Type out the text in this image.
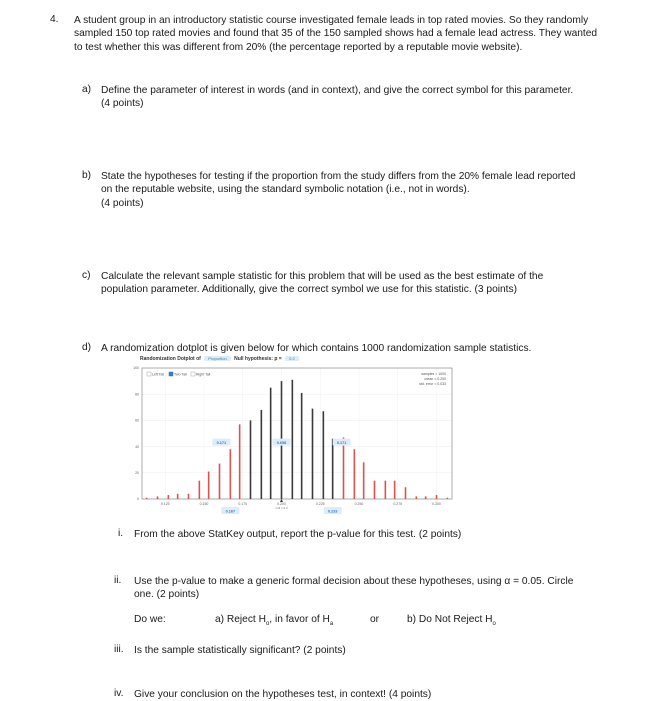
4. A student group in an introductory statistic course investigated female leads in top rated movies. So they randomly sampled 150 top rated movies and found that 35 of the 150 sampled shows had a female lead actress. They wanted to test whether this was different from 20% (the percentage reported by a reputable movie website).
a) Define the parameter of interest in words (and in context), and give the correct symbol for this parameter. (4 points)
b) State the hypotheses for testing if the proportion from the study differs from the 20% female lead reported on the reputable website, using the standard symbolic notation (i.e., not in words).
(4 points)
c) Calculate the relevant sample statistic for this problem that will be used as the best estimate of the population parameter. Additionally, give the correct symbol we use for this statistic. (3 points)
d) A randomization dotplot is given below for which contains 1000 randomization sample statistics.
Randomization Dotplot of Proportion Null hypothesis: p = 0.2
0
20
40
60
80
100
0.125	0.150	0.175	0.200	0.225	0.250	0.275	0.300
Left Tail	Two-Tail	Right Tail	samples = 1000
mean = 0.200
std. error = 0.033
0.171	0.658	0.171
0.167	0.233
null = 0.2
i. From the above StatKey output, report the p-value for this test. (2 points)
ii. Use the p-value to make a generic formal decision about these hypotheses, using α = 0.05. Circle one. (2 points)
Do we:	a) Reject $H_o$, in favor of $H_a$	or	b) Do Not Reject $H_o$
iii. Is the sample statistically significant? (2 points)
iv. Give your conclusion on the hypotheses test, in context! (4 points)
